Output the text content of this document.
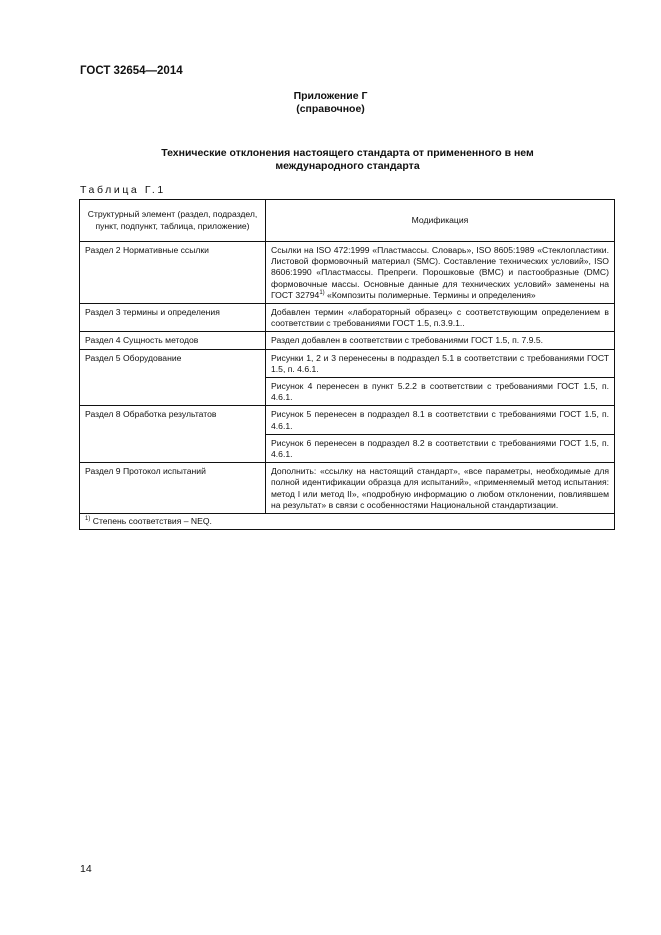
ГОСТ 32654—2014
Приложение Г
(справочное)
Технические отклонения настоящего стандарта от примененного в нем
международного стандарта
Таблица Г.1
Структурный элемент (раздел, подраздел, пункт, подпункт, таблица, приложение)	Модификация
Раздел 2 Нормативные ссылки	Ссылки на ISO 472:1999 «Пластмассы. Словарь», ISO 8605:1989 «Стеклопластики. Листовой формовочный материал (SMC). Составление технических условий», ISO 8606:1990 «Пластмассы. Препреги. Порошковые (BMC) и пастообразные (DMC) формовочные массы. Основные данные для технических условий» заменены на ГОСТ 32794$^{1)}$ «Композиты полимерные. Термины и определения»
Раздел 3 термины и определения	Добавлен термин «лабораторный образец» с соответствующим определением в соответствии с требованиями ГОСТ 1.5, п.3.9.1..
Раздел 4 Сущность методов	Раздел добавлен в соответствии с требованиями ГОСТ 1.5, п. 7.9.5.
Раздел 5 Оборудование	Рисунки 1, 2 и 3 перенесены в подраздел 5.1 в соответствии с требованиями ГОСТ 1.5, п. 4.6.1.
	Рисунок 4 перенесен в пункт 5.2.2 в соответствии с требованиями ГОСТ 1.5, п. 4.6.1.
Раздел 8 Обработка результатов	Рисунок 5 перенесен в подраздел 8.1 в соответствии с требованиями ГОСТ 1.5, п. 4.6.1.
	Рисунок 6 перенесен в подраздел 8.2 в соответствии с требованиями ГОСТ 1.5, п. 4.6.1.
Раздел 9 Протокол испытаний	Дополнить: «ссылку на настоящий стандарт», «все параметры, необходимые для полной идентификации образца для испытаний», «применяемый метод испытания: метод I или метод II», «подробную информацию о любом отклонении, повлиявшем на результат» в связи с особенностями Национальной стандартизации.
$^{1)}$ Степень соответствия – NEQ.	
14
